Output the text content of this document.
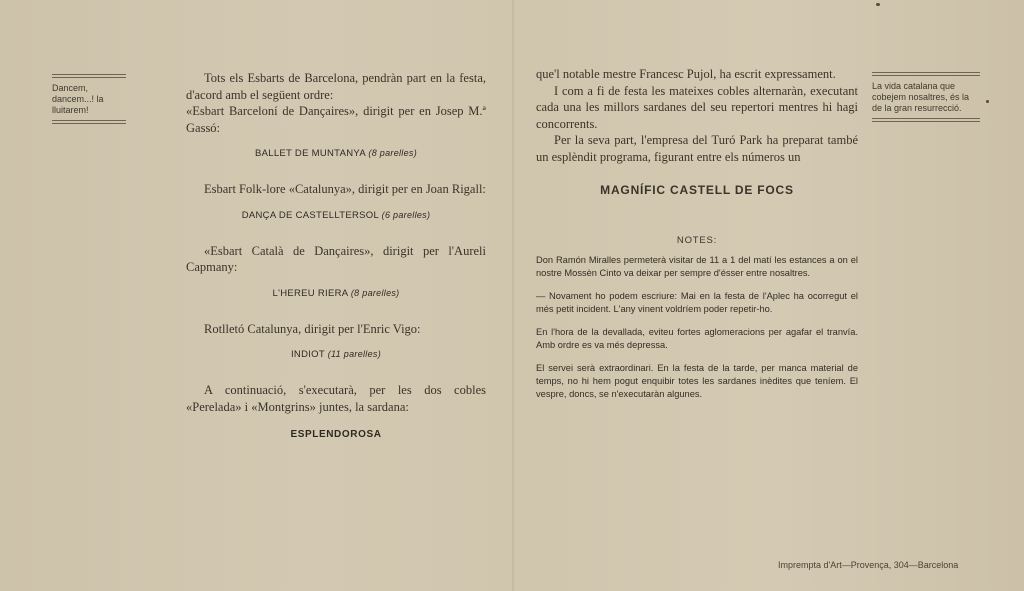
Dancem, dancem...! la lluitarem!
La vida catalana que cobejem nosaltres, és la de la gran resurrecció.

Tots els Esbarts de Barcelona, pendràn part en la festa, d'acord amb el següent ordre:

«Esbart Barceloní de Dançaires», dirigit per en Josep M.ª Gassó:

BALLET DE MUNTANYA (8 parelles)

Esbart Folk-lore «Catalunya», dirigit per en Joan Rigall:

DANÇA DE CASTELLTERSOL (6 parelles)

«Esbart Català de Dançaires», dirigit per l'Aureli Capmany:

L'HEREU RIERA (8 parelles)

Rotlletó Catalunya, dirigit per l'Enric Vigo:

INDIOT (11 parelles)

A continuació, s'executarà, per les dos cobles «Perelada» i «Montgrins» juntes, la sardana:

ESPLENDOROSA

que'l notable mestre Francesc Pujol, ha escrit expressament.

I com a fi de festa les mateixes cobles alternaràn, executant cada una les millors sardanes del seu repertori mentres hi hagi concorrents.

Per la seva part, l'empresa del Turó Park ha preparat també un esplèndit programa, figurant entre els números un

MAGNÍFIC CASTELL DE FOCS
NOTES:

Don Ramón Miralles permeterà visitar de 11 a 1 del matí les estances a on el nostre Mossèn Cinto va deixar per sempre d'ésser entre nosaltres.

— Novament ho podem escriure: Mai en la festa de l'Aplec ha ocorregut el més petit incident. L'any vinent voldríem poder repetir-ho.

En l'hora de la devallada, eviteu fortes aglomeracions per agafar el tranvía. Amb ordre es va més depressa.

El servei serà extraordinari. En la festa de la tarde, per manca material de temps, no hi hem pogut enquibir totes les sardanes inèdites que teníem. El vespre, doncs, se n'executaràn algunes.

Imprempta d'Art—Provença, 304—Barcelona
